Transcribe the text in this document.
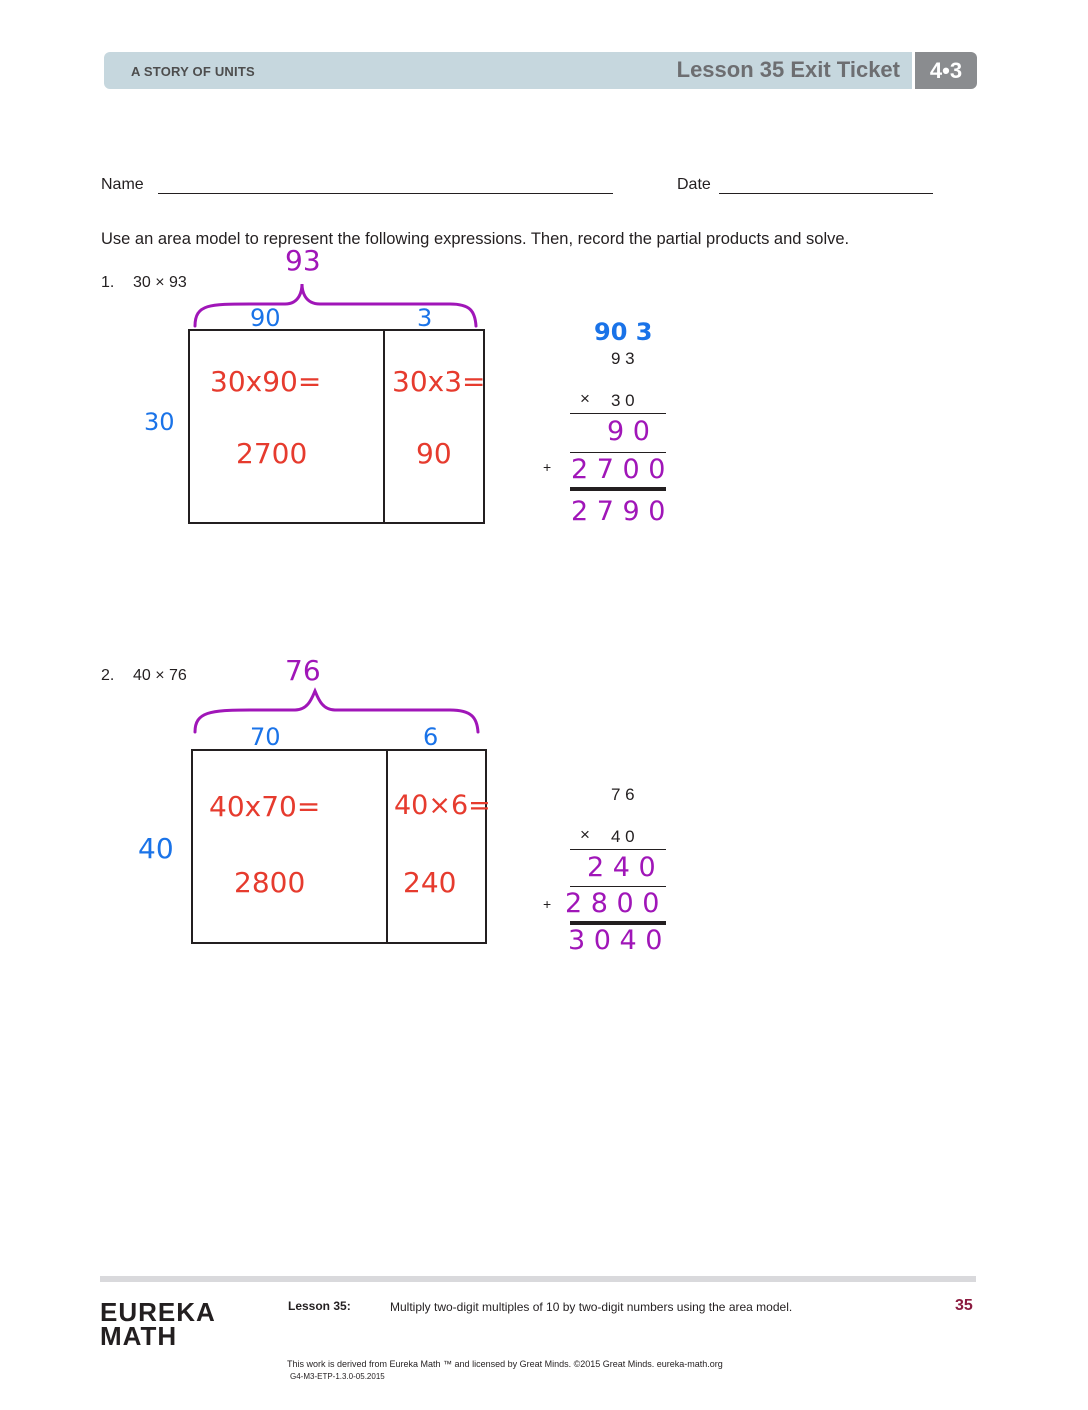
A STORY OF UNITS	Lesson 35 Exit Ticket	4•3
Name	Date
Use an area model to represent the following expressions. Then, record the partial products and solve.
1. 30 × 93
93
90	3
30
30x90=
2700
30x3=
90
90 3
9 3
× 3 0
9 0
+ 2 7 0 0
2 7 9 0
2. 40 × 76	76
70	6
40
40x70=
2800
40×6=
240
7 6
× 4 0
2 4 0
+ 2 8 0 0
3 0 4 0
EUREKA
MATH
Lesson 35:	Multiply two-digit multiples of 10 by two-digit numbers using the area model.	35
This work is derived from Eureka Math ™ and licensed by Great Minds. ©2015 Great Minds. eureka-math.org
G4-M3-ETP-1.3.0-05.2015
